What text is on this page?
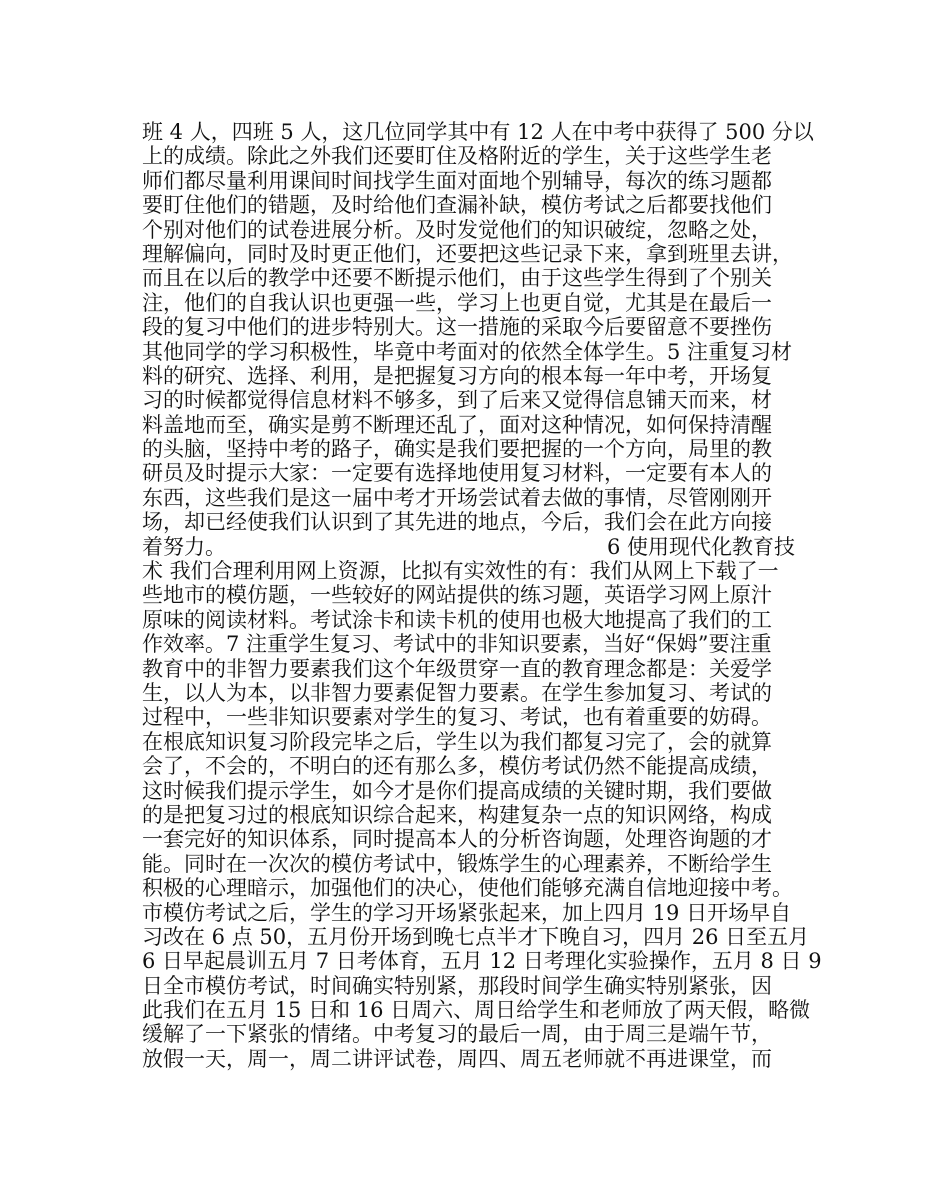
班 4 人，四班 5 人，这几位同学其中有 12 人在中考中获得了 500 分以
上的成绩。除此之外我们还要盯住及格附近的学生，关于这些学生老
师们都尽量利用课间时间找学生面对面地个别辅导，每次的练习题都
要盯住他们的错题，及时给他们查漏补缺，模仿考试之后都要找他们
个别对他们的试卷进展分析。及时发觉他们的知识破绽，忽略之处，
理解偏向，同时及时更正他们，还要把这些记录下来，拿到班里去讲，
而且在以后的教学中还要不断提示他们，由于这些学生得到了个别关
注，他们的自我认识也更强一些，学习上也更自觉，尤其是在最后一
段的复习中他们的进步特别大。这一措施的采取今后要留意不要挫伤
其他同学的学习积极性，毕竟中考面对的依然全体学生。5 注重复习材
料的研究、选择、利用，是把握复习方向的根本每一年中考，开场复
习的时候都觉得信息材料不够多，到了后来又觉得信息铺天而来，材
料盖地而至，确实是剪不断理还乱了，面对这种情况，如何保持清醒
的头脑，坚持中考的路子，确实是我们要把握的一个方向，局里的教
研员及时提示大家：一定要有选择地使用复习材料，一定要有本人的
东西，这些我们是这一届中考才开场尝试着去做的事情，尽管刚刚开
场，却已经使我们认识到了其先进的地点，今后，我们会在此方向接
着努力。	6 使用现代化教育技
术 我们合理利用网上资源，比拟有实效性的有：我们从网上下载了一
些地市的模仿题，一些较好的网站提供的练习题，英语学习网上原汁
原味的阅读材料。考试涂卡和读卡机的使用也极大地提高了我们的工
作效率。7 注重学生复习、考试中的非知识要素，当好“保姆”要注重
教育中的非智力要素我们这个年级贯穿一直的教育理念都是：关爱学
生，以人为本，以非智力要素促智力要素。在学生参加复习、考试的
过程中，一些非知识要素对学生的复习、考试，也有着重要的妨碍。
在根底知识复习阶段完毕之后，学生以为我们都复习完了，会的就算
会了，不会的，不明白的还有那么多，模仿考试仍然不能提高成绩，
这时候我们提示学生，如今才是你们提高成绩的关键时期，我们要做
的是把复习过的根底知识综合起来，构建复杂一点的知识网络，构成
一套完好的知识体系，同时提高本人的分析咨询题，处理咨询题的才
能。同时在一次次的模仿考试中，锻炼学生的心理素养，不断给学生
积极的心理暗示，加强他们的决心，使他们能够充满自信地迎接中考。
市模仿考试之后，学生的学习开场紧张起来，加上四月 19 日开场早自
习改在 6 点 50，五月份开场到晚七点半才下晚自习，四月 26 日至五月
6 日早起晨训五月 7 日考体育，五月 12 日考理化实验操作，五月 8 日 9
日全市模仿考试，时间确实特别紧，那段时间学生确实特别紧张，因
此我们在五月 15 日和 16 日周六、周日给学生和老师放了两天假，略微
缓解了一下紧张的情绪。中考复习的最后一周，由于周三是端午节，
放假一天，周一，周二讲评试卷，周四、周五老师就不再进课堂，而
